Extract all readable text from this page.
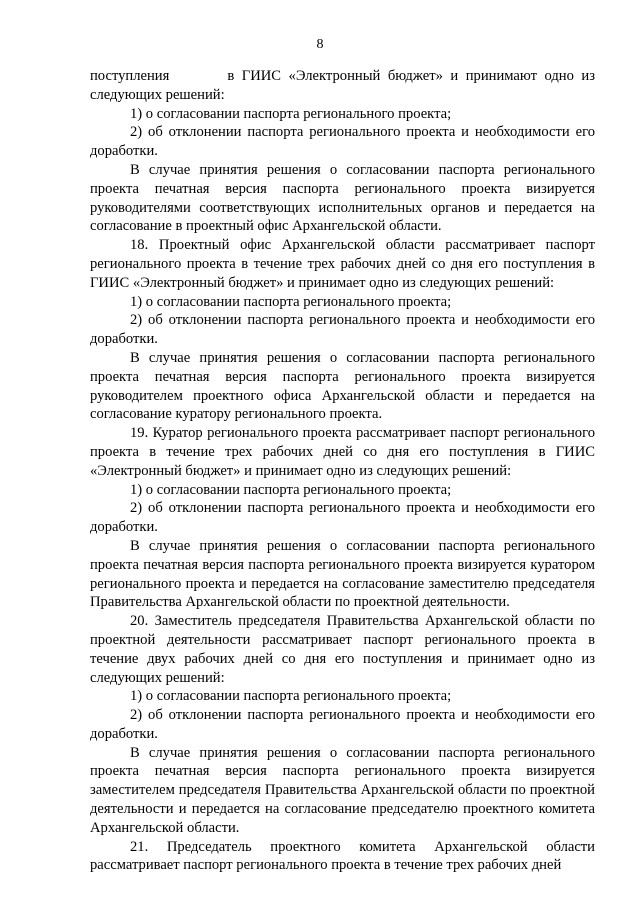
8

поступления	в ГИИС «Электронный бюджет» и принимают одно из следующих решений:

1) о согласовании паспорта регионального проекта;

2) об отклонении паспорта регионального проекта и необходимости его доработки.

В случае принятия решения о согласовании паспорта регионального проекта печатная версия паспорта регионального проекта визируется руководителями соответствующих исполнительных органов и передается на согласование в проектный офис Архангельской области.

18. Проектный офис Архангельской области рассматривает паспорт регионального проекта в течение трех рабочих дней со дня его поступления в ГИИС «Электронный бюджет» и принимает одно из следующих решений:

1) о согласовании паспорта регионального проекта;

2) об отклонении паспорта регионального проекта и необходимости его доработки.

В случае принятия решения о согласовании паспорта регионального проекта печатная версия паспорта регионального проекта визируется руководителем проектного офиса Архангельской области и передается на согласование куратору регионального проекта.

19. Куратор регионального проекта рассматривает паспорт регионального проекта в течение трех рабочих дней со дня его поступления в ГИИС «Электронный бюджет» и принимает одно из следующих решений:

1) о согласовании паспорта регионального проекта;

2) об отклонении паспорта регионального проекта и необходимости его доработки.

В случае принятия решения о согласовании паспорта регионального проекта печатная версия паспорта регионального проекта визируется куратором регионального проекта и передается на согласование заместителю председателя Правительства Архангельской области по проектной деятельности.

20. Заместитель председателя Правительства Архангельской области по проектной деятельности рассматривает паспорт регионального проекта в течение двух рабочих дней со дня его поступления и принимает одно из следующих решений:

1) о согласовании паспорта регионального проекта;

2) об отклонении паспорта регионального проекта и необходимости его доработки.

В случае принятия решения о согласовании паспорта регионального проекта печатная версия паспорта регионального проекта визируется заместителем председателя Правительства Архангельской области по проектной деятельности и передается на согласование председателю проектного комитета Архангельской области.

21. Председатель проектного комитета Архангельской области рассматривает паспорт регионального проекта в течение трех рабочих дней
